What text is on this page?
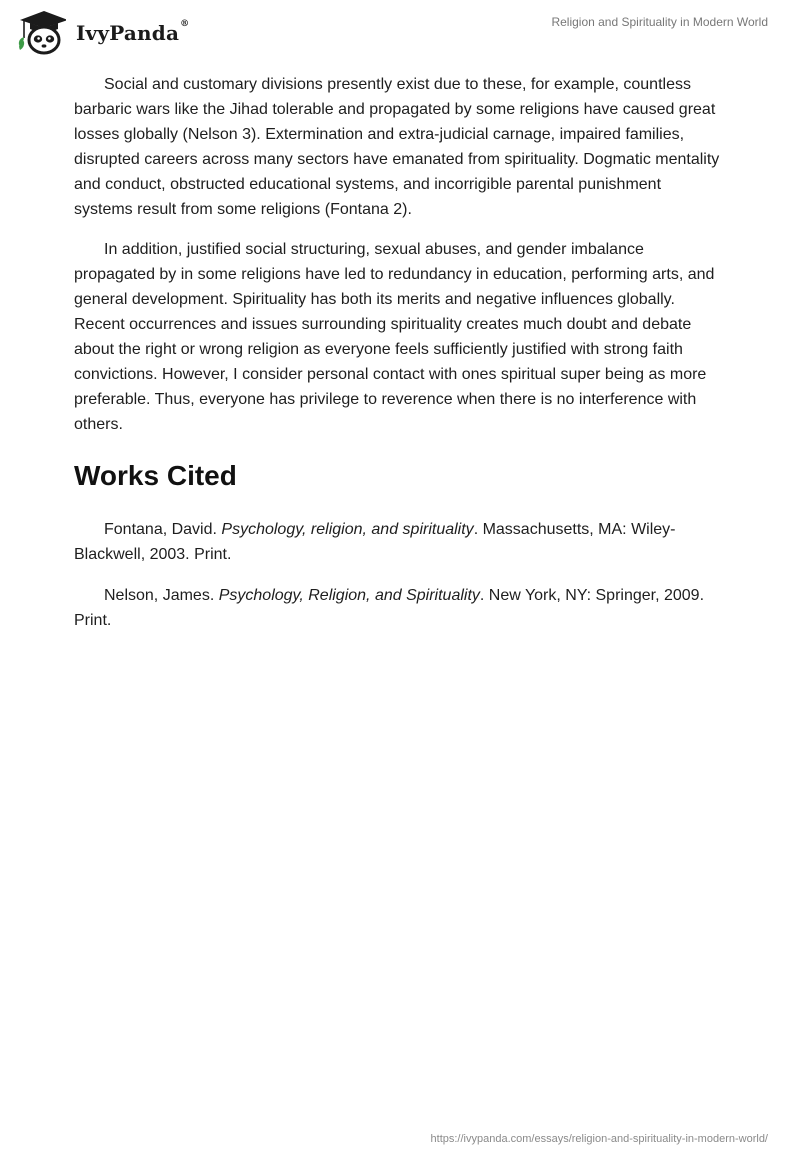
IvyPanda®	Religion and Spirituality in Modern World

Social and customary divisions presently exist due to these, for example, countless barbaric wars like the Jihad tolerable and propagated by some religions have caused great losses globally (Nelson 3). Extermination and extra-judicial carnage, impaired families, disrupted careers across many sectors have emanated from spirituality. Dogmatic mentality and conduct, obstructed educational systems, and incorrigible parental punishment systems result from some religions (Fontana 2).

In addition, justified social structuring, sexual abuses, and gender imbalance propagated by in some religions have led to redundancy in education, performing arts, and general development. Spirituality has both its merits and negative influences globally. Recent occurrences and issues surrounding spirituality creates much doubt and debate about the right or wrong religion as everyone feels sufficiently justified with strong faith convictions. However, I consider personal contact with ones spiritual super being as more preferable. Thus, everyone has privilege to reverence when there is no interference with others.

Works Cited

Fontana, David. Psychology, religion, and spirituality. Massachusetts, MA: Wiley-Blackwell, 2003. Print.

Nelson, James. Psychology, Religion, and Spirituality. New York, NY: Springer, 2009. Print.

https://ivypanda.com/essays/religion-and-spirituality-in-modern-world/
